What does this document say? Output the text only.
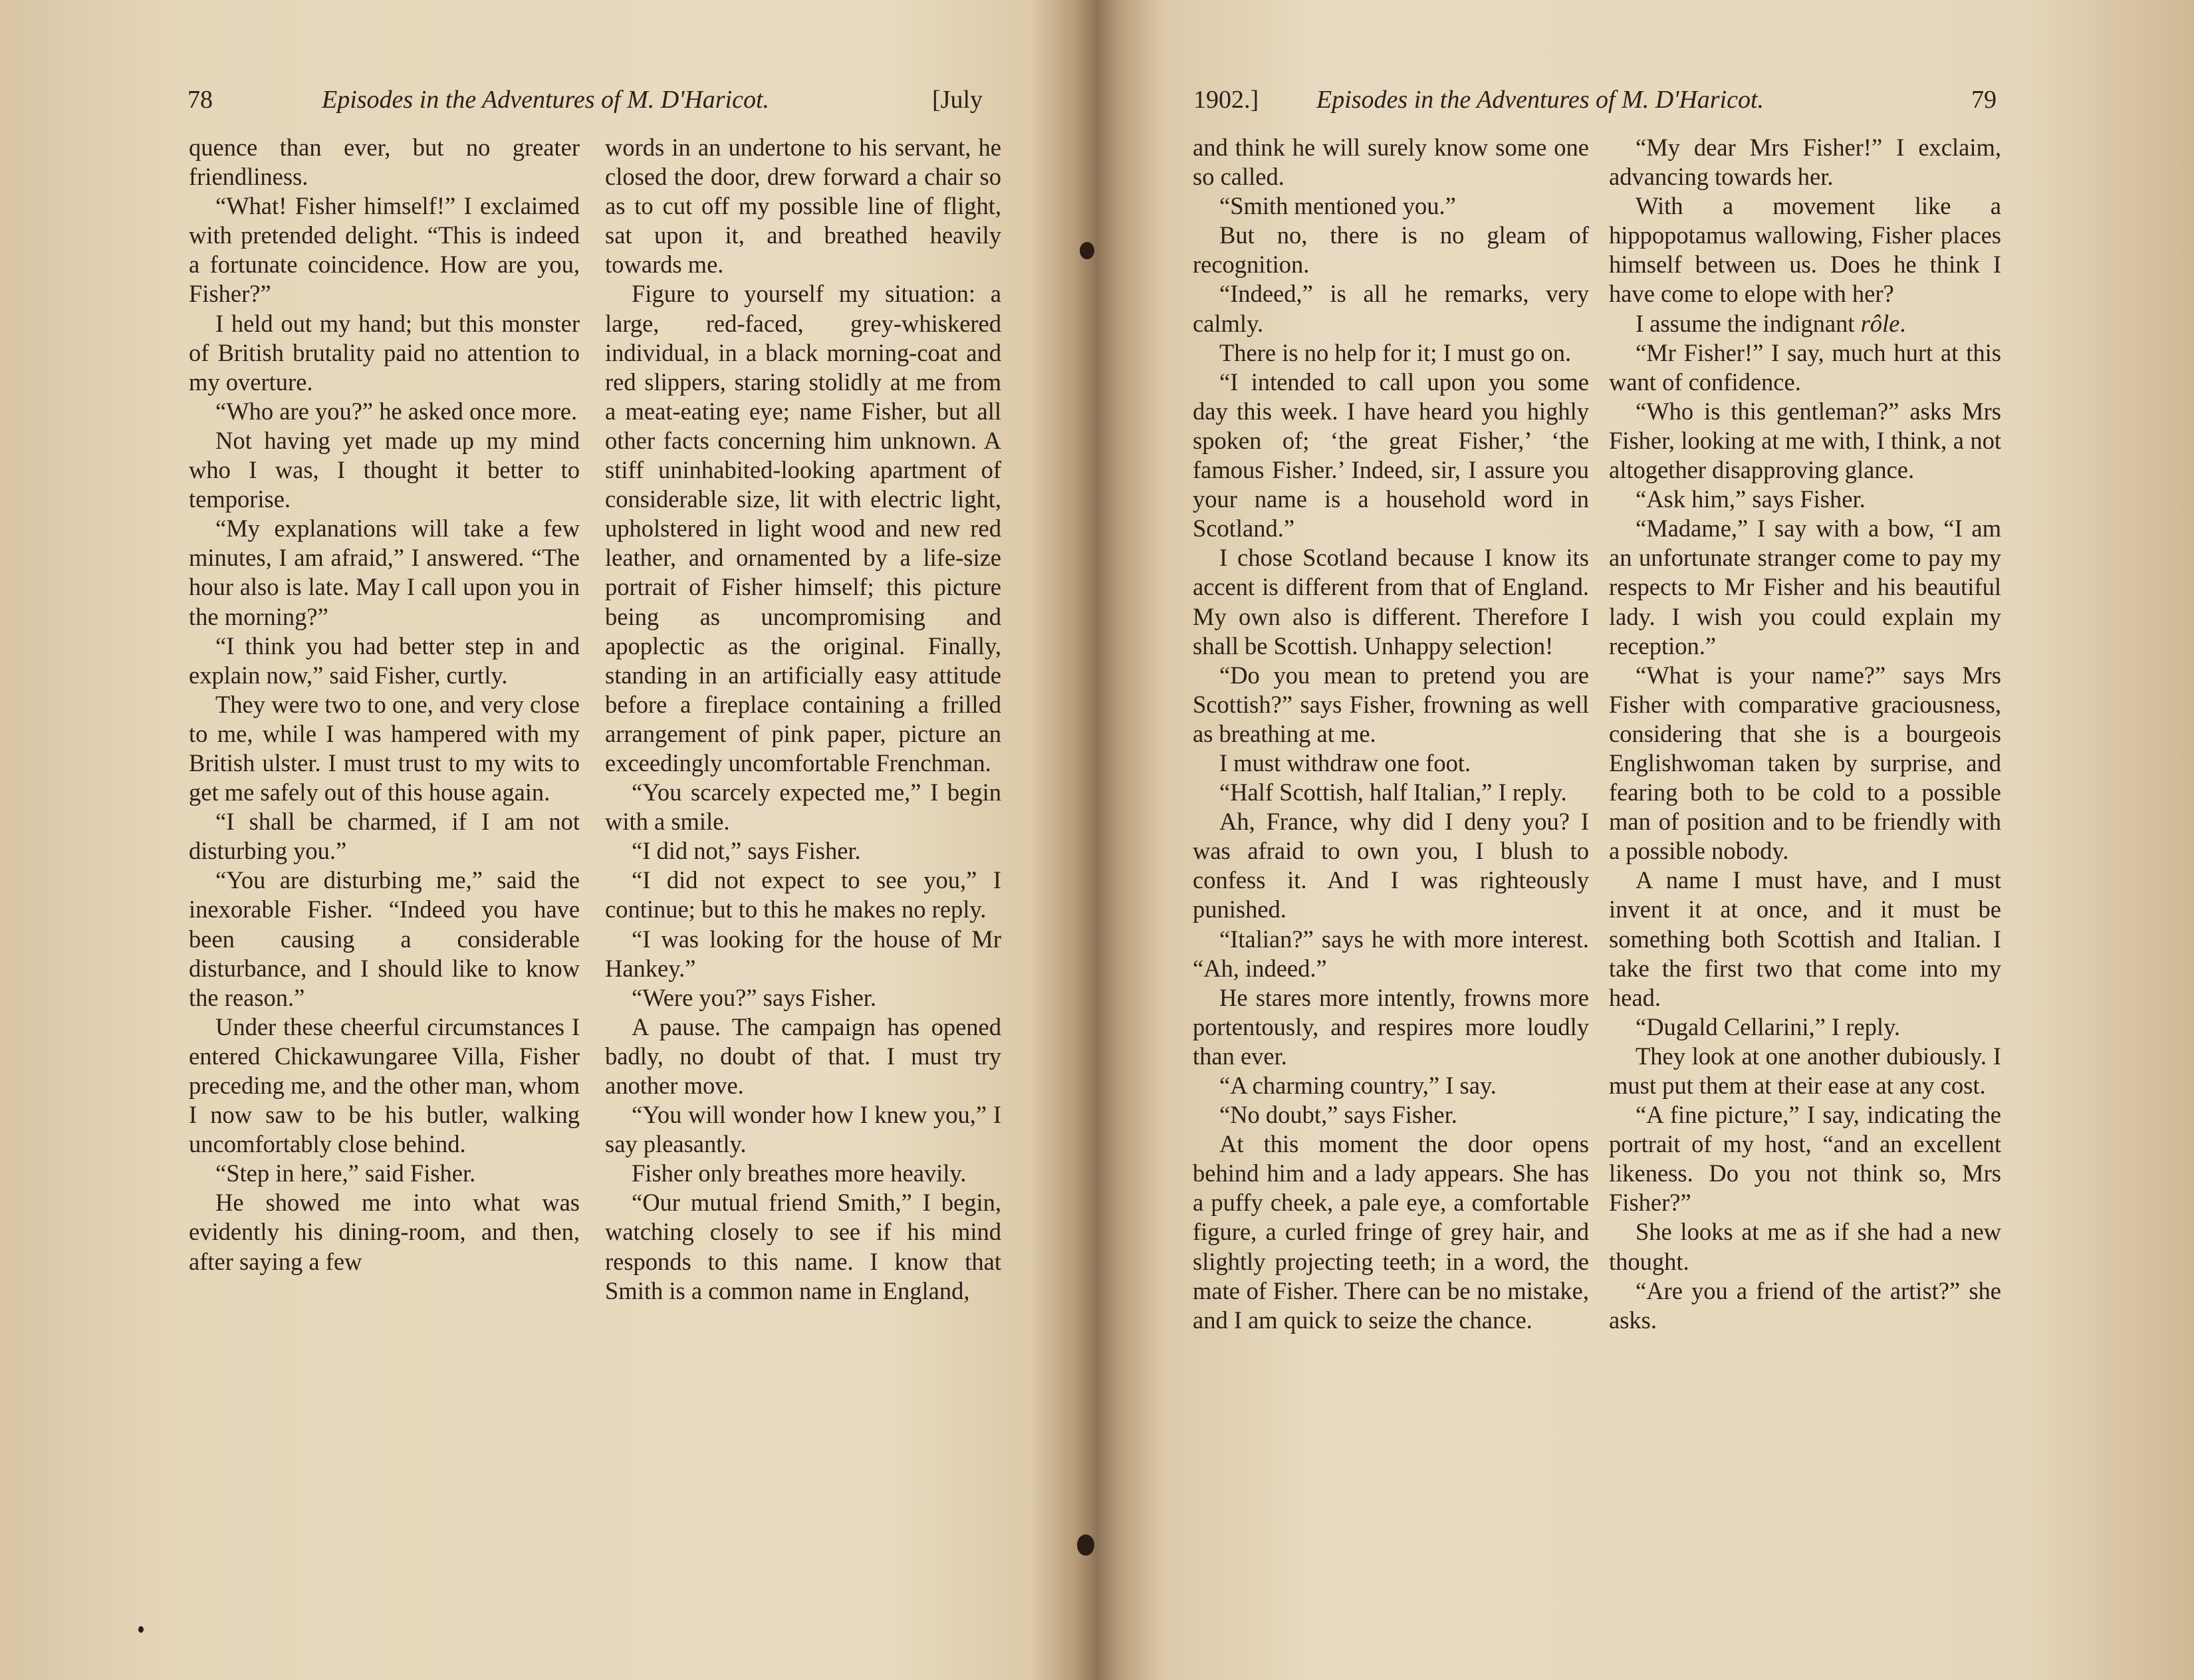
78	Episodes in the Adventures of M. D'Haricot.	[July

quence than ever, but no greater friendliness.

“What! Fisher himself!” I exclaimed with pretended delight. “This is indeed a fortunate coincidence. How are you, Fisher?”

I held out my hand; but this monster of British brutality paid no attention to my overture.

“Who are you?” he asked once more.

Not having yet made up my mind who I was, I thought it better to temporise.

“My explanations will take a few minutes, I am afraid,” I answered. “The hour also is late. May I call upon you in the morning?”

“I think you had better step in and explain now,” said Fisher, curtly.

They were two to one, and very close to me, while I was hampered with my British ulster. I must trust to my wits to get me safely out of this house again.

“I shall be charmed, if I am not disturbing you.”

“You are disturbing me,” said the inexorable Fisher. “Indeed you have been causing a considerable disturbance, and I should like to know the reason.”

Under these cheerful circumstances I entered Chickawungaree Villa, Fisher preceding me, and the other man, whom I now saw to be his butler, walking uncomfortably close behind.

“Step in here,” said Fisher.

He showed me into what was evidently his dining-room, and then, after saying a few

words in an undertone to his servant, he closed the door, drew forward a chair so as to cut off my possible line of flight, sat upon it, and breathed heavily towards me.

Figure to yourself my situation: a large, red-faced, grey-whiskered individual, in a black morning-coat and red slippers, staring stolidly at me from a meat-eating eye; name Fisher, but all other facts concerning him unknown. A stiff uninhabited-looking apartment of considerable size, lit with electric light, upholstered in light wood and new red leather, and ornamented by a life-size portrait of Fisher himself; this picture being as uncompromising and apoplectic as the original. Finally, standing in an artificially easy attitude before a fireplace containing a frilled arrangement of pink paper, picture an exceedingly uncomfortable Frenchman.

“You scarcely expected me,” I begin with a smile.

“I did not,” says Fisher.

“I did not expect to see you,” I continue; but to this he makes no reply.

“I was looking for the house of Mr Hankey.”

“Were you?” says Fisher.

A pause. The campaign has opened badly, no doubt of that. I must try another move.

“You will wonder how I knew you,” I say pleasantly.

Fisher only breathes more heavily.

“Our mutual friend Smith,” I begin, watching closely to see if his mind responds to this name. I know that Smith is a common name in England,

1902.] Episodes in the Adventures of M. D'Haricot.	79

and think he will surely know some one so called.

“Smith mentioned you.”

But no, there is no gleam of recognition.

“Indeed,” is all he remarks, very calmly.

There is no help for it; I must go on.

“I intended to call upon you some day this week. I have heard you highly spoken of; ‘the great Fisher,’ ‘the famous Fisher.’ Indeed, sir, I assure you your name is a household word in Scotland.”

I chose Scotland because I know its accent is different from that of England. My own also is different. Therefore I shall be Scottish. Unhappy selection!

“Do you mean to pretend you are Scottish?” says Fisher, frowning as well as breathing at me.

I must withdraw one foot.

“Half Scottish, half Italian,” I reply.

Ah, France, why did I deny you? I was afraid to own you, I blush to confess it. And I was righteously punished.

“Italian?” says he with more interest. “Ah, indeed.”

He stares more intently, frowns more portentously, and respires more loudly than ever.

“A charming country,” I say.

“No doubt,” says Fisher.

At this moment the door opens behind him and a lady appears. She has a puffy cheek, a pale eye, a comfortable figure, a curled fringe of grey hair, and slightly projecting teeth; in a word, the mate of Fisher. There can be no mistake, and I am quick to seize the chance.

“My dear Mrs Fisher!” I exclaim, advancing towards her.

With a movement like a hippopotamus wallowing, Fisher places himself between us. Does he think I have come to elope with her?

I assume the indignant rôle.

“Mr Fisher!” I say, much hurt at this want of confidence.

“Who is this gentleman?” asks Mrs Fisher, looking at me with, I think, a not altogether disapproving glance.

“Ask him,” says Fisher.

“Madame,” I say with a bow, “I am an unfortunate stranger come to pay my respects to Mr Fisher and his beautiful lady. I wish you could explain my reception.”

“What is your name?” says Mrs Fisher with comparative graciousness, considering that she is a bourgeois Englishwoman taken by surprise, and fearing both to be cold to a possible man of position and to be friendly with a possible nobody.

A name I must have, and I must invent it at once, and it must be something both Scottish and Italian. I take the first two that come into my head.

“Dugald Cellarini,” I reply.

They look at one another dubiously. I must put them at their ease at any cost.

“A fine picture,” I say, indicating the portrait of my host, “and an excellent likeness. Do you not think so, Mrs Fisher?”

She looks at me as if she had a new thought.

“Are you a friend of the artist?” she asks.
